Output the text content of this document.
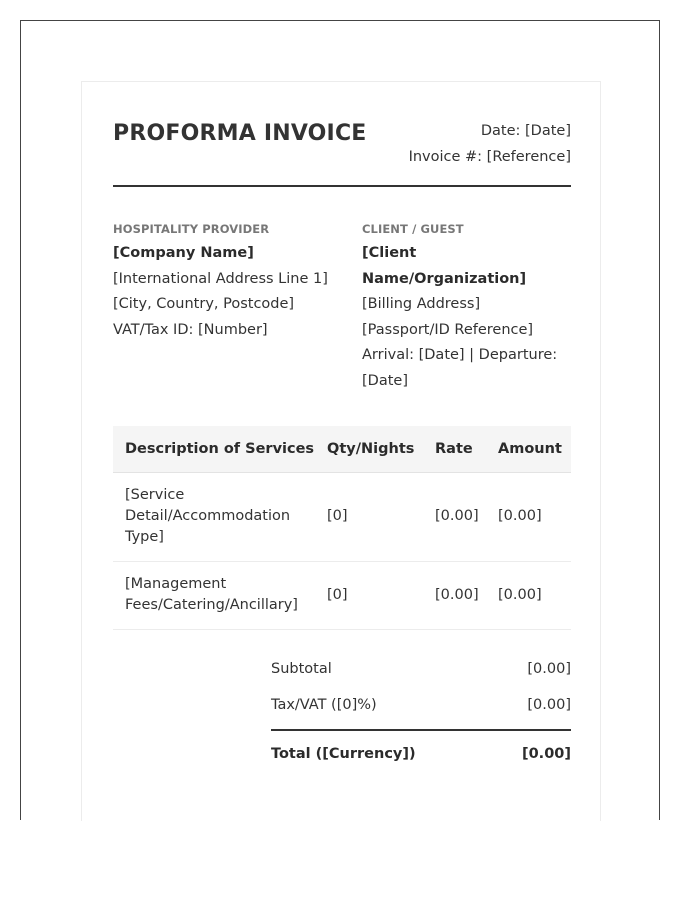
PROFORMA INVOICE	Date: [Date]
Invoice #: [Reference]
HOSPITALITY PROVIDER
[Company Name]
[International Address Line 1]
[City, Country, Postcode]
VAT/Tax ID: [Number]
CLIENT / GUEST
[Client Name/Organization]
[Billing Address]
[Passport/ID Reference]
Arrival: [Date] | Departure: [Date]
Description of Services	Qty/Nights	Rate	Amount
[Service Detail/Accommodation Type]	[0]	[0.00]	[0.00]
[Management Fees/Catering/Ancillary]	[0]	[0.00]	[0.00]
Subtotal	[0.00]
Tax/VAT ([0]%)	[0.00]
Total ([Currency])	[0.00]
